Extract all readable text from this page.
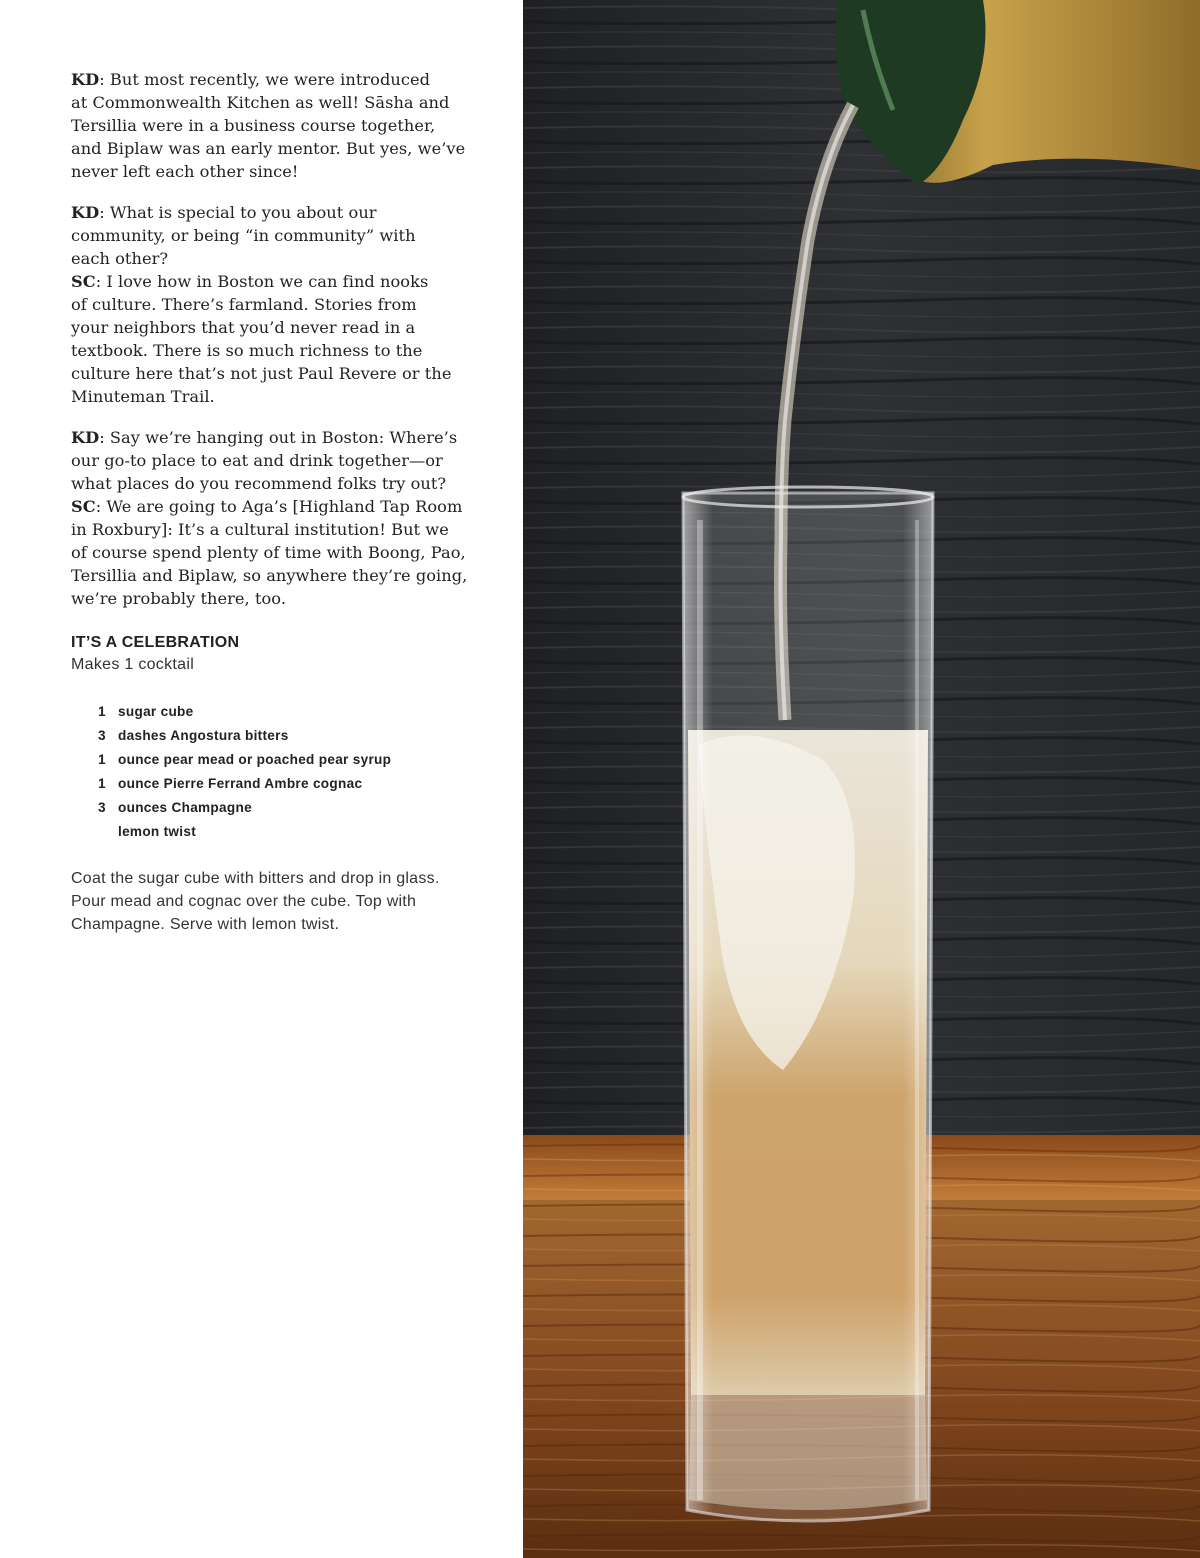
KD: But most recently, we were introduced
at Commonwealth Kitchen as well! Sāsha and
Tersillia were in a business course together,
and Biplaw was an early mentor. But yes, we’ve
never left each other since!

KD: What is special to you about our
community, or being “in community” with
each other?
SC: I love how in Boston we can find nooks
of culture. There’s farmland. Stories from
your neighbors that you’d never read in a
textbook. There is so much richness to the
culture here that’s not just Paul Revere or the
Minuteman Trail.

KD: Say we’re hanging out in Boston: Where’s
our go-to place to eat and drink together—or
what places do you recommend folks try out?
SC: We are going to Aga’s [Highland Tap Room
in Roxbury]: It’s a cultural institution! But we
of course spend plenty of time with Boong, Pao,
Tersillia and Biplaw, so anywhere they’re going,
we’re probably there, too.

IT’S A CELEBRATION
Makes 1 cocktail
1 sugar cube
3 dashes Angostura bitters
1 ounce pear mead or poached pear syrup
1 ounce Pierre Ferrand Ambre cognac
3 ounces Champagne
lemon twist
Coat the sugar cube with bitters and drop in glass.
Pour mead and cognac over the cube. Top with
Champagne. Serve with lemon twist.
